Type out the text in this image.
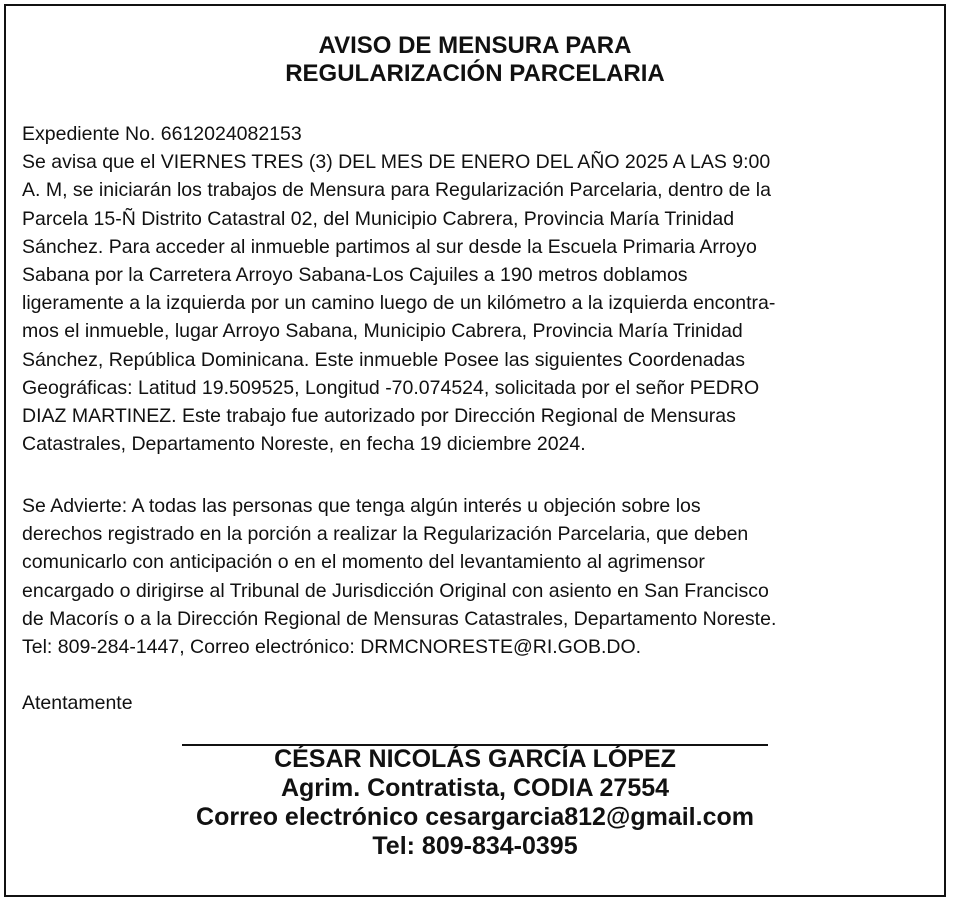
AVISO DE MENSURA PARA
REGULARIZACIÓN PARCELARIA

Expediente No. 6612024082153
Se avisa que el VIERNES TRES (3) DEL MES DE ENERO DEL AÑO 2025 A LAS 9:00
A. M, se iniciarán los trabajos de Mensura para Regularización Parcelaria, dentro de la
Parcela 15-Ñ Distrito Catastral 02, del Municipio Cabrera, Provincia María Trinidad
Sánchez. Para acceder al inmueble partimos al sur desde la Escuela Primaria Arroyo
Sabana por la Carretera Arroyo Sabana-Los Cajuiles a 190 metros doblamos
ligeramente a la izquierda por un camino luego de un kilómetro a la izquierda encontra-
mos el inmueble, lugar Arroyo Sabana, Municipio Cabrera, Provincia María Trinidad
Sánchez, República Dominicana. Este inmueble Posee las siguientes Coordenadas
Geográficas: Latitud 19.509525, Longitud -70.074524, solicitada por el señor PEDRO
DIAZ MARTINEZ. Este trabajo fue autorizado por Dirección Regional de Mensuras
Catastrales, Departamento Noreste, en fecha 19 diciembre 2024.

Se Advierte: A todas las personas que tenga algún interés u objeción sobre los
derechos registrado en la porción a realizar la Regularización Parcelaria, que deben
comunicarlo con anticipación o en el momento del levantamiento al agrimensor
encargado o dirigirse al Tribunal de Jurisdicción Original con asiento en San Francisco
de Macorís o a la Dirección Regional de Mensuras Catastrales, Departamento Noreste.
Tel: 809-284-1447, Correo electrónico: DRMCNORESTE@RI.GOB.DO.

Atentamente

CÉSAR NICOLÁS GARCÍA LÓPEZ
Agrim. Contratista, CODIA 27554
Correo electrónico cesargarcia812@gmail.com
Tel: 809-834-0395
